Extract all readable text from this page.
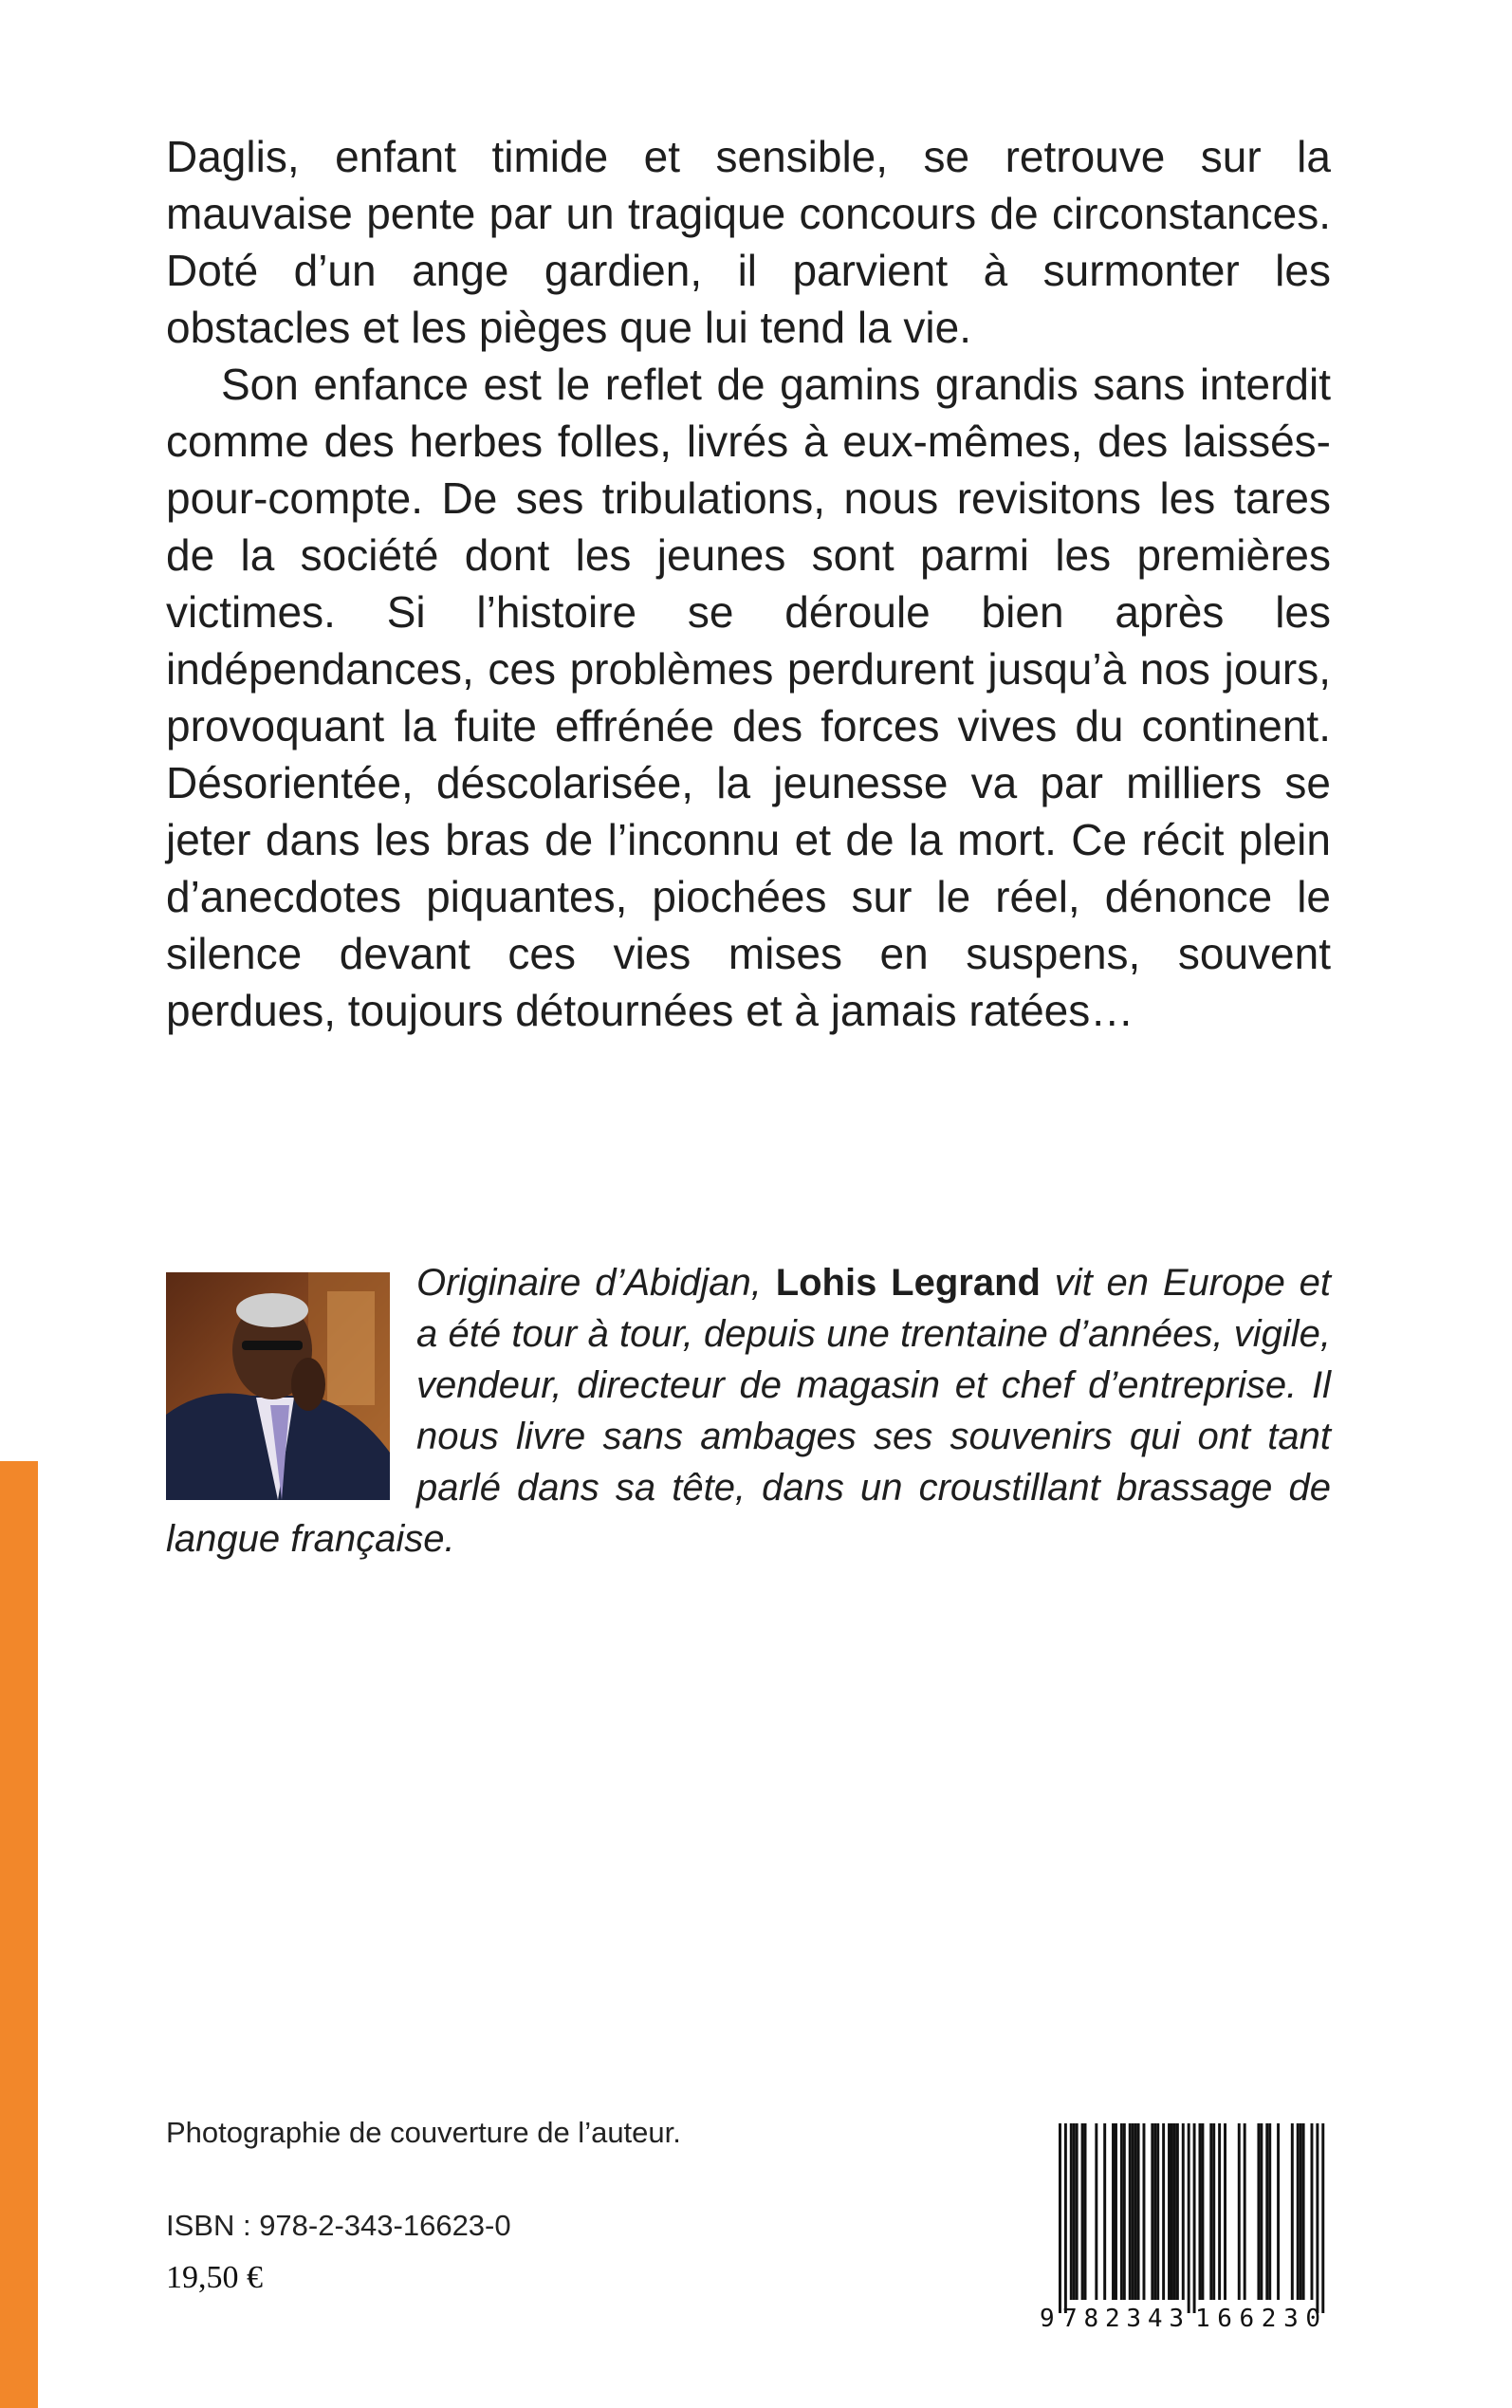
Daglis, enfant timide et sensible, se retrouve sur la mauvaise pente par un tragique concours de circonstances. Doté d’un ange gardien, il parvient à surmonter les obstacles et les pièges que lui tend la vie.

Son enfance est le reflet de gamins grandis sans interdit comme des herbes folles, livrés à eux-mêmes, des laissés-pour-compte. De ses tribulations, nous revisitons les tares de la société dont les jeunes sont parmi les premières victimes. Si l’histoire se déroule bien après les indépendances, ces problèmes perdurent jusqu’à nos jours, provoquant la fuite effrénée des forces vives du continent. Désorientée, déscolarisée, la jeunesse va par milliers se jeter dans les bras de l’inconnu et de la mort. Ce récit plein d’anecdotes piquantes, piochées sur le réel, dénonce le silence devant ces vies mises en suspens, souvent perdues, toujours détournées et à jamais ratées…

Originaire d’Abidjan, Lohis Legrand vit en Europe et a été tour à tour, depuis une trentaine d’années, vigile, vendeur, directeur de magasin et chef d’entreprise. Il nous livre sans ambages ses souvenirs qui ont tant parlé dans sa tête, dans un croustillant brassage de langue française.
Photographie de couverture de l’auteur.
ISBN : 978-2-343-16623-0
19,50 €
9 782343 166230
